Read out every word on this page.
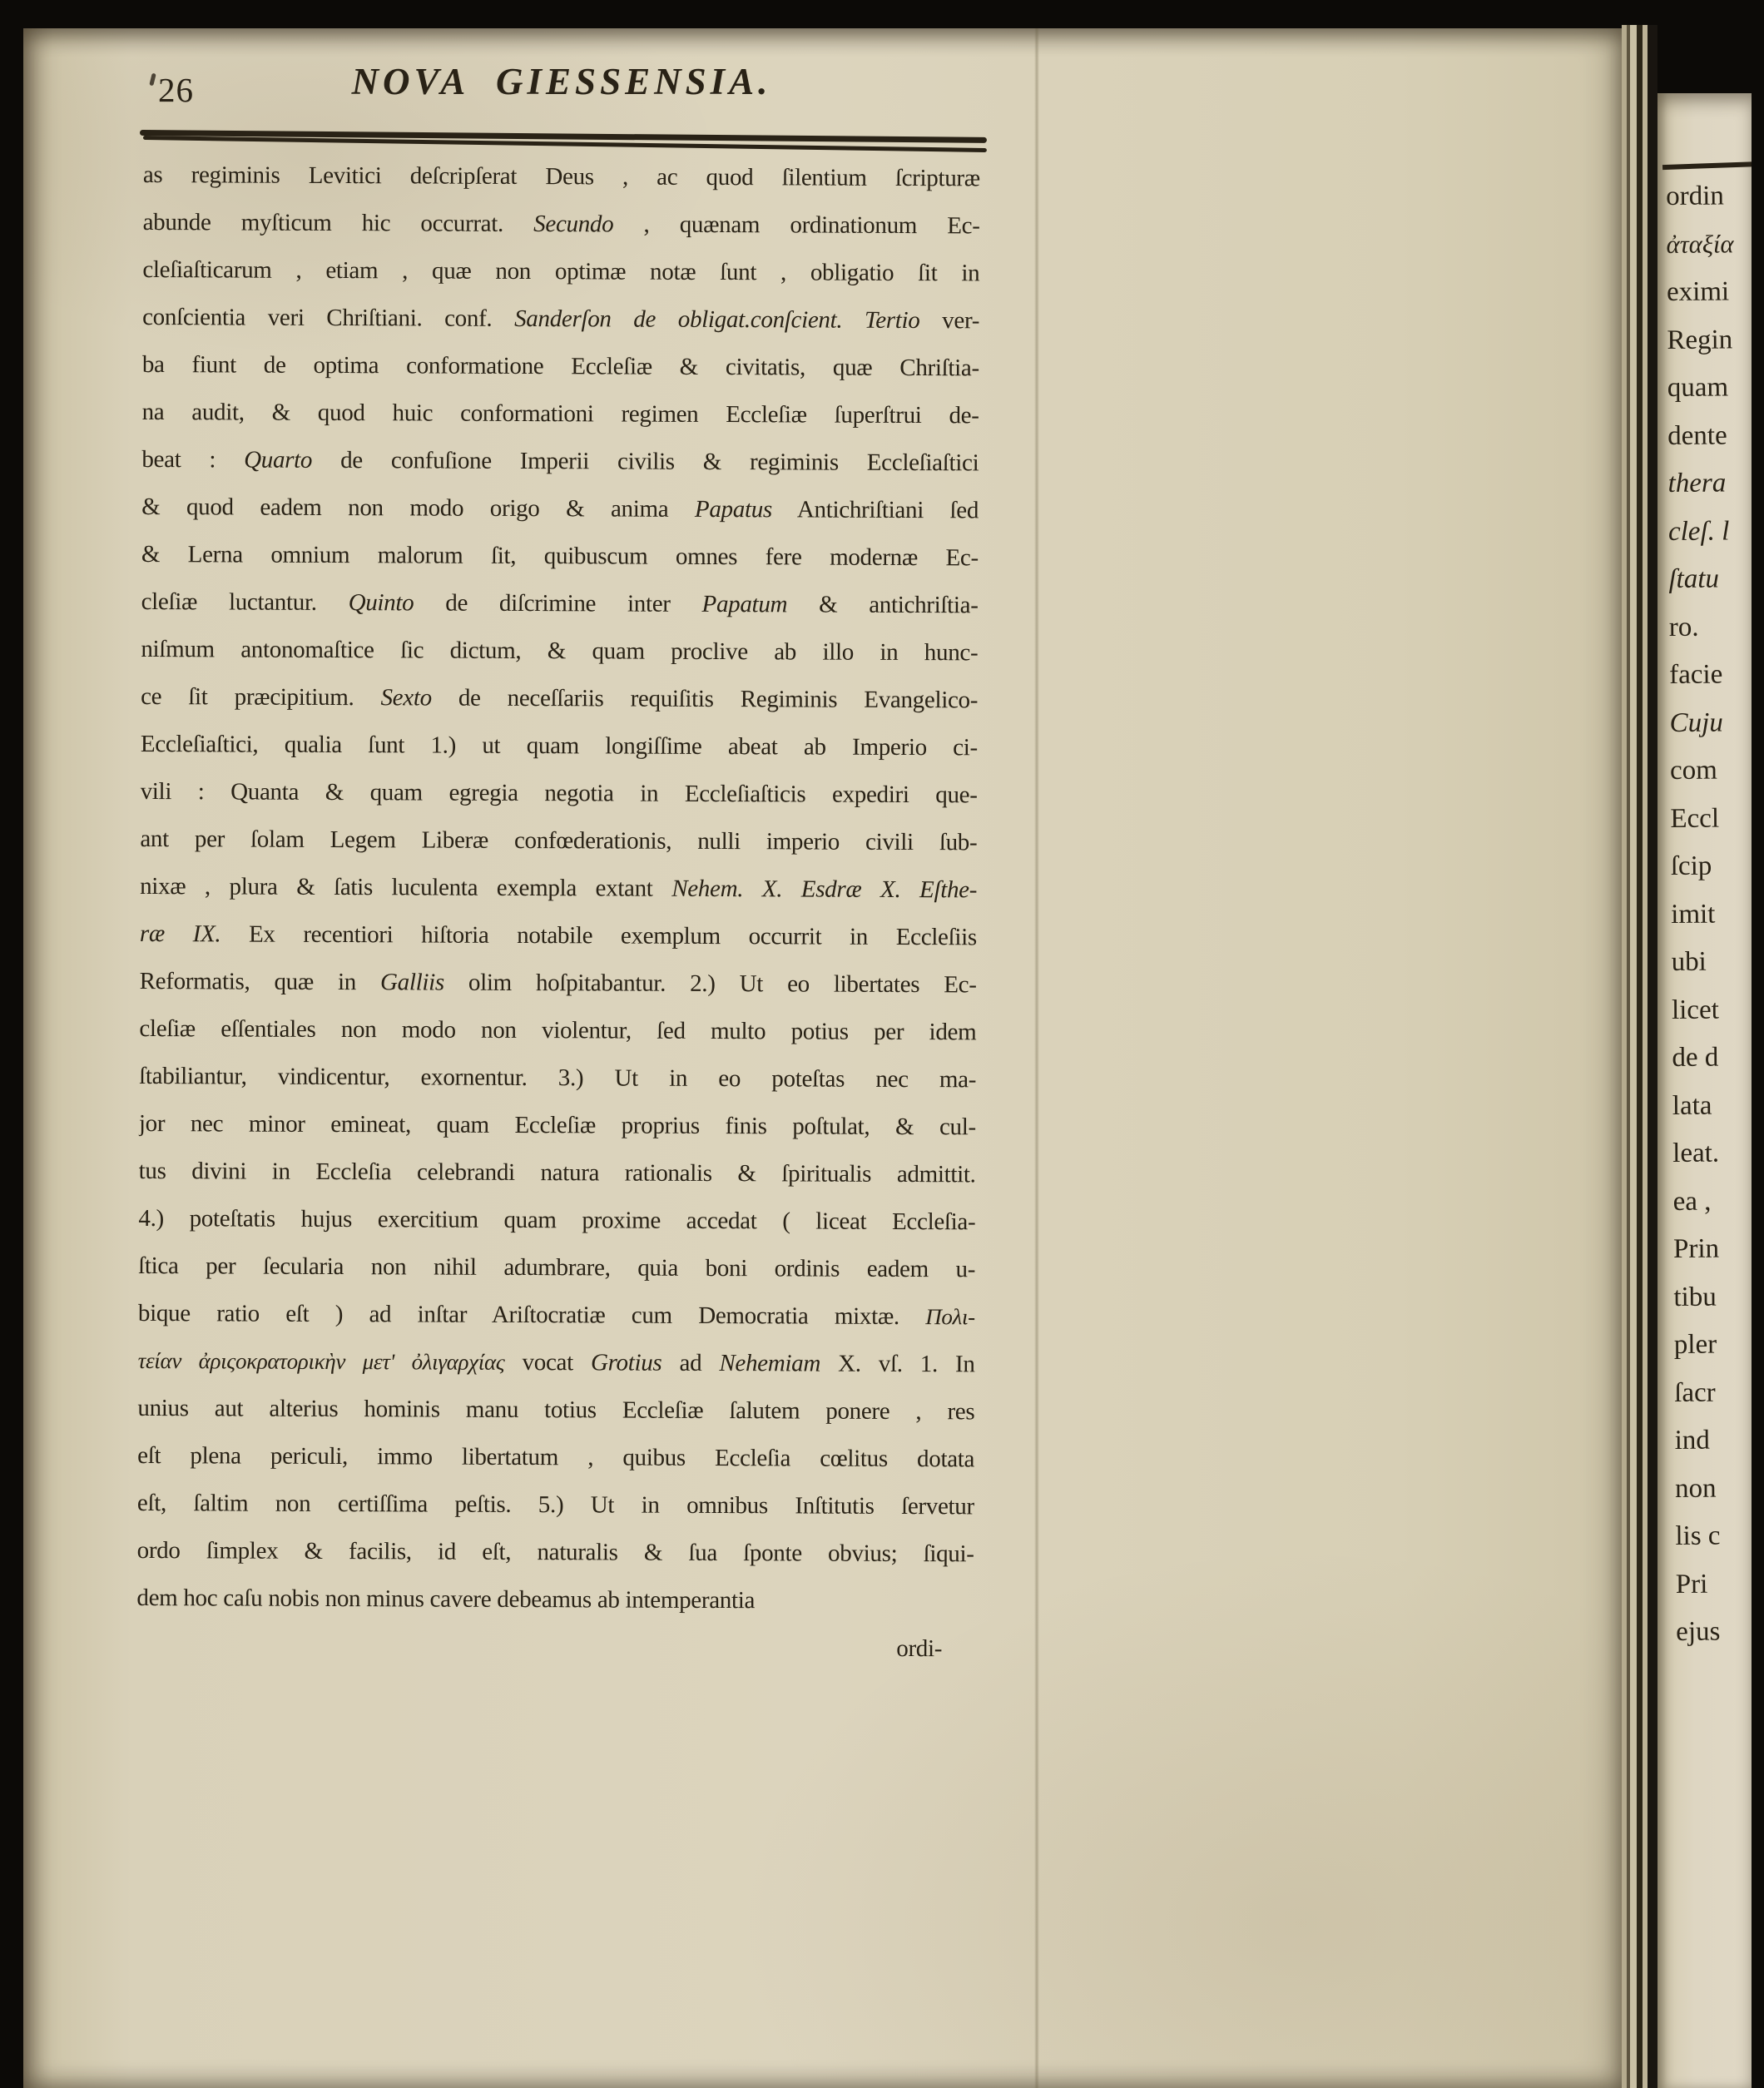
26	NOVA GIESSENSIA.
as regiminis Levitici deſcripſerat Deus , ac quod ſilentium ſcripturæ
abunde myſticum hic occurrat. Secundo , quænam ordinationum Ec-
cleſiaſticarum , etiam , quæ non optimæ notæ ſunt , obligatio ſit in
conſcientia veri Chriſtiani. conf. Sanderſon de obligat.conſcient. Tertio ver-
ba fiunt de optima conformatione Eccleſiæ & civitatis, quæ Chriſtia-
na audit, & quod huic conformationi regimen Eccleſiæ ſuperſtrui de-
beat : Quarto de confuſione Imperii civilis & regiminis Eccleſiaſtici
& quod eadem non modo origo & anima Papatus Antichriſtiani ſed
& Lerna omnium malorum ſit, quibuscum omnes fere modernæ Ec-
cleſiæ luctantur. Quinto de diſcrimine inter Papatum & antichriſtia-
niſmum antonomaſtice ſic dictum, & quam proclive ab illo in hunc-
ce ſit præcipitium. Sexto de neceſſariis requiſitis Regiminis Evangelico-
Eccleſiaſtici, qualia ſunt 1.) ut quam longiſſime abeat ab Imperio ci-
vili : Quanta & quam egregia negotia in Eccleſiaſticis expediri que-
ant per ſolam Legem Liberæ confœderationis, nulli imperio civili ſub-
nixæ , plura & ſatis luculenta exempla extant Nehem. X. Esdræ X. Eſthe-
ræ IX. Ex recentiori hiſtoria notabile exemplum occurrit in Eccleſiis
Reformatis, quæ in Galliis olim hoſpitabantur. 2.) Ut eo libertates Ec-
cleſiæ eſſentiales non modo non violentur, ſed multo potius per idem
ſtabiliantur, vindicentur, exornentur. 3.) Ut in eo poteſtas nec ma-
jor nec minor emineat, quam Eccleſiæ proprius finis poſtulat, & cul-
tus divini in Eccleſia celebrandi natura rationalis & ſpiritualis admittit.
4.) poteſtatis hujus exercitium quam proxime accedat ( liceat Eccleſia-
ſtica per ſecularia non nihil adumbrare, quia boni ordinis eadem u-
bique ratio eſt ) ad inſtar Ariſtocratiæ cum Democratia mixtæ. Πολι-
τείαν ἀριςοκρατορικὴν μετ' ὀλιγαρχίας vocat Grotius ad Nehemiam X. vſ. 1. In
unius aut alterius hominis manu totius Eccleſiæ ſalutem ponere , res
eſt plena periculi, immo libertatum , quibus Eccleſia cœlitus dotata
eſt, ſaltim non certiſſima peſtis. 5.) Ut in omnibus Inſtitutis ſervetur
ordo ſimplex & facilis, id eſt, naturalis & ſua ſponte obvius; ſiqui-
dem hoc caſu nobis non minus cavere debeamus ab intemperantia
ordi-
ordin
ἀταξία
eximi
Regin
quam
dente
thera
cleſ. l
ſtatu
ro.
facie
Cuju
com
Eccl
ſcip
imit
ubi
licet
de d
lata
leat.
ea ,
Prin
tibu
pler
ſacr
ind
non
lis c
Pri
ejus
